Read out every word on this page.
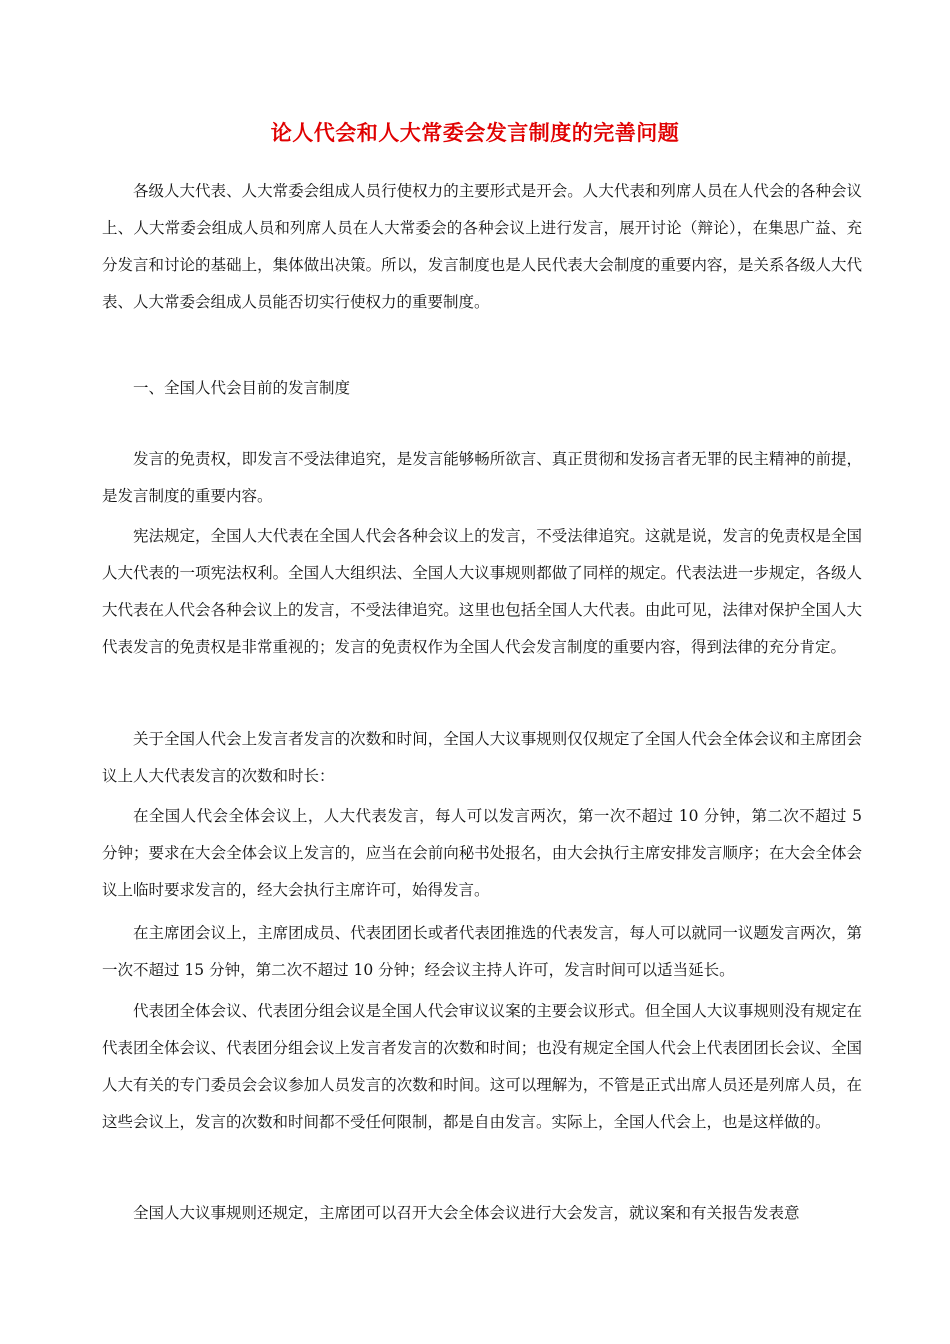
论人代会和人大常委会发言制度的完善问题

各级人大代表、人大常委会组成人员行使权力的主要形式是开会。人大代表和列席人员在人代会的各种会议上、人大常委会组成人员和列席人员在人大常委会的各种会议上进行发言，展开讨论（辩论），在集思广益、充分发言和讨论的基础上，集体做出决策。所以，发言制度也是人民代表大会制度的重要内容，是关系各级人大代表、人大常委会组成人员能否切实行使权力的重要制度。

一、全国人代会目前的发言制度

发言的免责权，即发言不受法律追究，是发言能够畅所欲言、真正贯彻和发扬言者无罪的民主精神的前提，是发言制度的重要内容。

宪法规定，全国人大代表在全国人代会各种会议上的发言，不受法律追究。这就是说，发言的免责权是全国人大代表的一项宪法权利。全国人大组织法、全国人大议事规则都做了同样的规定。代表法进一步规定，各级人大代表在人代会各种会议上的发言，不受法律追究。这里也包括全国人大代表。由此可见，法律对保护全国人大代表发言的免责权是非常重视的；发言的免责权作为全国人代会发言制度的重要内容，得到法律的充分肯定。

关于全国人代会上发言者发言的次数和时间，全国人大议事规则仅仅规定了全国人代会全体会议和主席团会议上人大代表发言的次数和时长：

在全国人代会全体会议上，人大代表发言，每人可以发言两次，第一次不超过 10 分钟，第二次不超过 5 分钟；要求在大会全体会议上发言的，应当在会前向秘书处报名，由大会执行主席安排发言顺序；在大会全体会议上临时要求发言的，经大会执行主席许可，始得发言。

在主席团会议上，主席团成员、代表团团长或者代表团推选的代表发言，每人可以就同一议题发言两次，第一次不超过 15 分钟，第二次不超过 10 分钟；经会议主持人许可，发言时间可以适当延长。

代表团全体会议、代表团分组会议是全国人代会审议议案的主要会议形式。但全国人大议事规则没有规定在代表团全体会议、代表团分组会议上发言者发言的次数和时间；也没有规定全国人代会上代表团团长会议、全国人大有关的专门委员会会议参加人员发言的次数和时间。这可以理解为，不管是正式出席人员还是列席人员，在这些会议上，发言的次数和时间都不受任何限制，都是自由发言。实际上，全国人代会上，也是这样做的。

全国人大议事规则还规定，主席团可以召开大会全体会议进行大会发言，就议案和有关报告发表意
